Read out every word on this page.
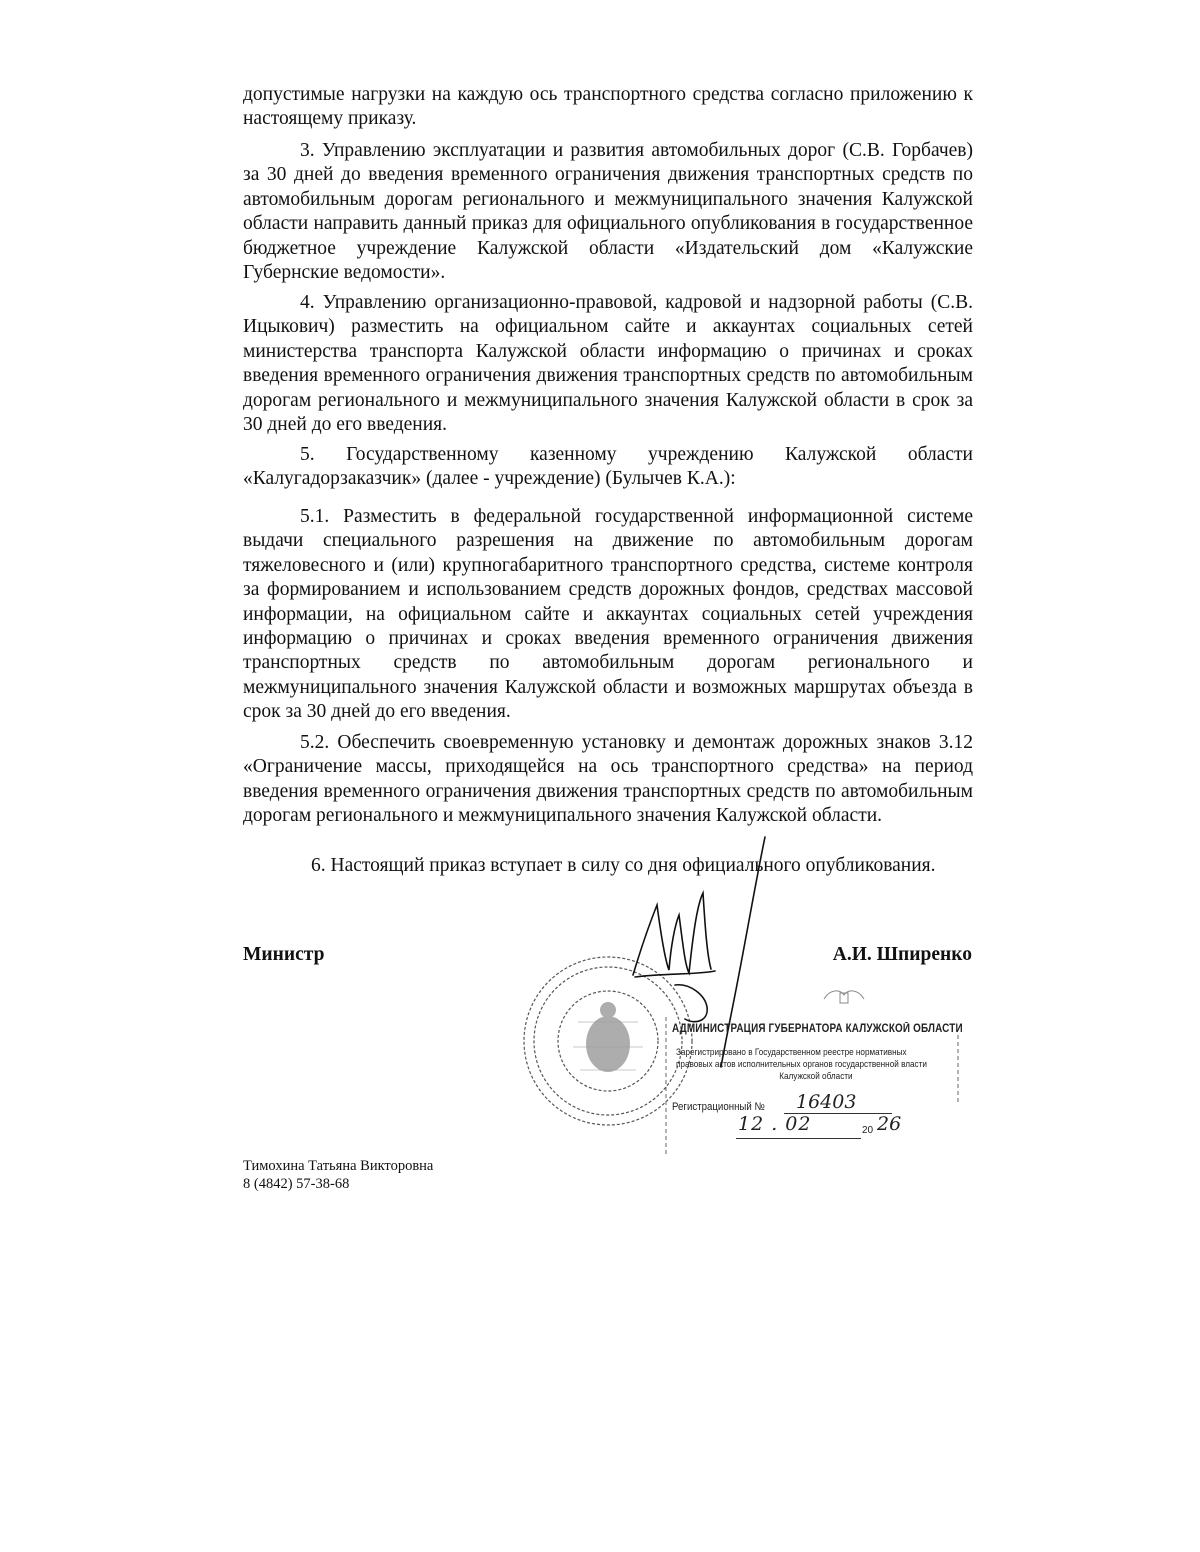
допустимые нагрузки на каждую ось транспортного средства согласно приложению к настоящему приказу.

3. Управлению эксплуатации и развития автомобильных дорог (С.В. Горбачев) за 30 дней до введения временного ограничения движения транспортных средств по автомобильным дорогам регионального и межмуниципального значения Калужской области направить данный приказ для официального опубликования в государственное бюджетное учреждение Калужской области «Издательский дом «Калужские Губернские ведомости».

4. Управлению организационно-правовой, кадровой и надзорной работы (С.В. Ицыкович) разместить на официальном сайте и аккаунтах социальных сетей министерства транспорта Калужской области информацию о причинах и сроках введения временного ограничения движения транспортных средств по автомобильным дорогам регионального и межмуниципального значения Калужской области в срок за 30 дней до его введения.

5. Государственному казенному учреждению Калужской области «Калугадорзаказчик» (далее - учреждение) (Булычев К.А.):

5.1. Разместить в федеральной государственной информационной системе выдачи специального разрешения на движение по автомобильным дорогам тяжеловесного и (или) крупногабаритного транспортного средства, системе контроля за формированием и использованием средств дорожных фондов, средствах массовой информации, на официальном сайте и аккаунтах социальных сетей учреждения информацию о причинах и сроках введения временного ограничения движения транспортных средств по автомобильным дорогам регионального и межмуниципального значения Калужской области и возможных маршрутах объезда в срок за 30 дней до его введения.

5.2. Обеспечить своевременную установку и демонтаж дорожных знаков 3.12 «Ограничение массы, приходящейся на ось транспортного средства» на период введения временного ограничения движения транспортных средств по автомобильным дорогам регионального и межмуниципального значения Калужской области.

6. Настоящий приказ вступает в силу со дня официального опубликования.

Министр	А.И. Шпиренко
АДМИНИСТРАЦИЯ ГУБЕРНАТОРА КАЛУЖСКОЙ ОБЛАСТИ
Зарегистрировано в Государственном реестре нормативных
правовых актов исполнительных органов государственной власти
Калужской области
Регистрационный № 16403
12 . 02	20 26
Тимохина Татьяна Викторовна
8 (4842) 57-38-68
